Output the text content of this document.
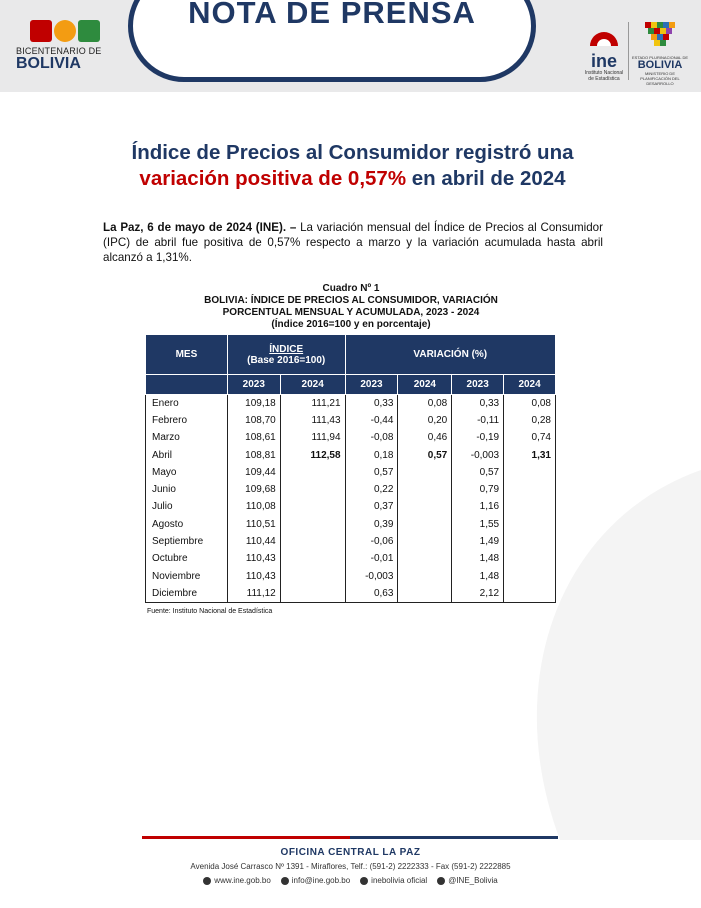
BICENTENARIO DE
BOLIVIA
NOTA DE PRENSA
ine
Instituto Nacional de Estadística
ESTADO PLURINACIONAL DE
BOLIVIA
MINISTERIO DE PLANIFICACIÓN DEL DESARROLLO
Índice de Precios al Consumidor registró una
variación positiva de 0,57% en abril de 2024

La Paz, 6 de mayo de 2024 (INE). – La variación mensual del Índice de Precios al Consumidor (IPC) de abril fue positiva de 0,57% respecto a marzo y la variación acumulada hasta abril alcanzó a 1,31%.

Cuadro Nº 1
BOLIVIA: ÍNDICE DE PRECIOS AL CONSUMIDOR, VARIACIÓN
PORCENTUAL MENSUAL Y ACUMULADA, 2023 - 2024
(Índice 2016=100 y en porcentaje)
MES	ÍNDICE
(Base 2016=100)		VARIACIÓN (%)			

	2023	2024	2023	2024	2023	2024
Enero	109,18	111,21	0,33	0,08	0,33	0,08
Febrero	108,70	111,43	-0,44	0,20	-0,11	0,28
Marzo	108,61	111,94	-0,08	0,46	-0,19	0,74
Abril	108,81	112,58	0,18	0,57	-0,003	1,31
Mayo	109,44		0,57		0,57	
Junio	109,68		0,22		0,79	
Julio	110,08		0,37		1,16	
Agosto	110,51		0,39		1,55	
Septiembre	110,44		-0,06		1,49	
Octubre	110,43		-0,01		1,48	
Noviembre	110,43		-0,003		1,48	
Diciembre	111,12		0,63		2,12	
Fuente: Instituto Nacional de Estadística
OFICINA CENTRAL LA PAZ
Avenida José Carrasco Nº 1391 - Miraflores, Telf.: (591-2) 2222333 - Fax (591-2) 2222885
www.ine.gob.bo	info@ine.gob.bo	inebolivia oficial	@INE_Bolivia
